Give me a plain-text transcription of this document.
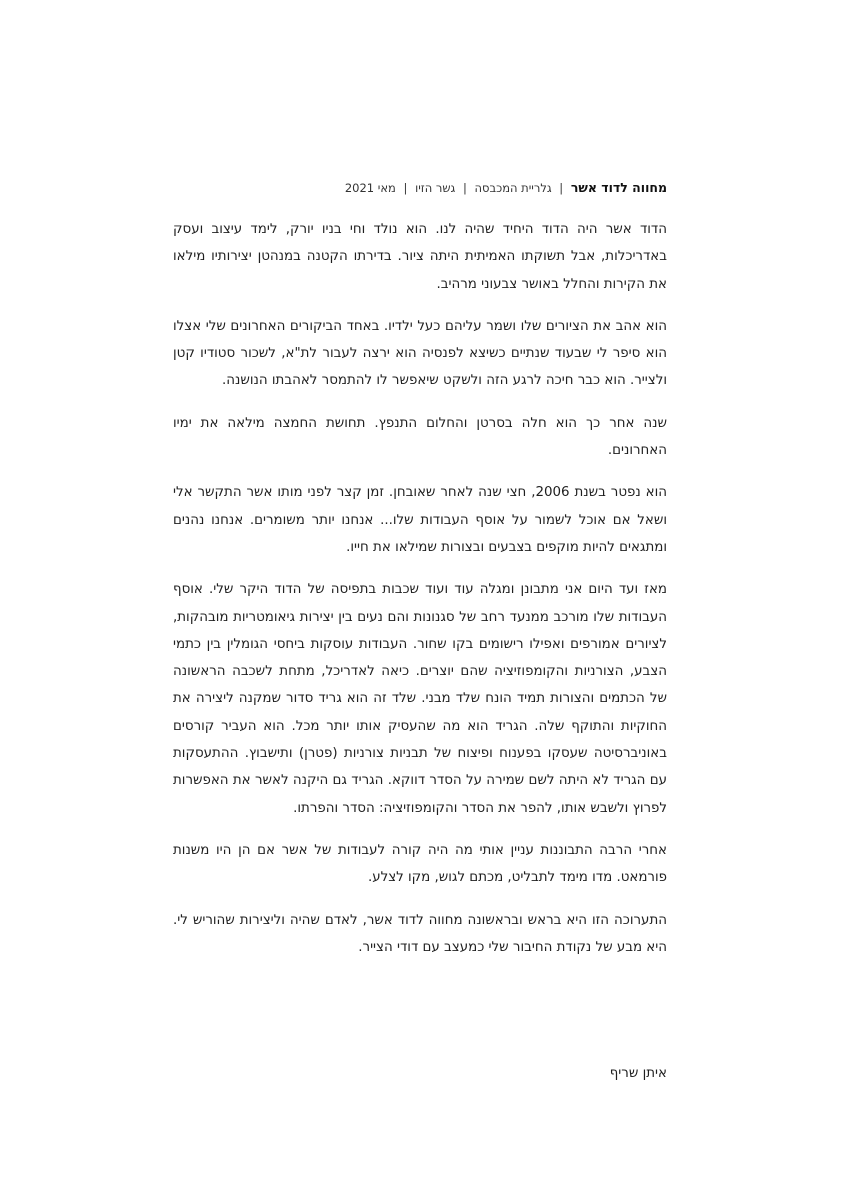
מחווה לדוד אשר | גלריית המכבסה | גשר הזיו | מאי 2021

הדוד אשר היה הדוד היחיד שהיה לנו. הוא נולד וחי בניו יורק, לימד עיצוב ועסק באדריכלות, אבל תשוקתו האמיתית היתה ציור. בדירתו הקטנה במנהטן יצירותיו מילאו את הקירות והחלל באושר צבעוני מרהיב.

הוא אהב את הציורים שלו ושמר עליהם כעל ילדיו. באחד הביקורים האחרונים שלי אצלו הוא סיפר לי שבעוד שנתיים כשיצא לפנסיה הוא ירצה לעבור לת"א, לשכור סטודיו קטן ולצייר. הוא כבר חיכה לרגע הזה ולשקט שיאפשר לו להתמסר לאהבתו הנושנה.

שנה אחר כך הוא חלה בסרטן והחלום התנפץ. תחושת החמצה מילאה את ימיו האחרונים.

הוא נפטר בשנת 2006, חצי שנה לאחר שאובחן. זמן קצר לפני מותו אשר התקשר אלי ושאל אם אוכל לשמור על אוסף העבודות שלו... אנחנו יותר משומרים. אנחנו נהנים ומתגאים להיות מוקפים בצבעים ובצורות שמילאו את חייו.

מאז ועד היום אני מתבונן ומגלה עוד ועוד שכבות בתפיסה של הדוד היקר שלי. אוסף העבודות שלו מורכב ממנעד רחב של סגנונות והם נעים בין יצירות גיאומטריות מובהקות, לציורים אמורפים ואפילו רישומים בקו שחור. העבודות עוסקות ביחסי הגומלין בין כתמי הצבע, הצורניות והקומפוזיציה שהם יוצרים. כיאה לאדריכל, מתחת לשכבה הראשונה של הכתמים והצורות תמיד הונח שלד מבני. שלד זה הוא גריד סדור שמקנה ליצירה את החוקיות והתוקף שלה. הגריד הוא מה שהעסיק אותו יותר מכל. הוא העביר קורסים באוניברסיטה שעסקו בפענוח ופיצוח של תבניות צורניות (פטרן) ותישבוץ. ההתעסקות עם הגריד לא היתה לשם שמירה על הסדר דווקא. הגריד גם היקנה לאשר את האפשרות לפרוץ ולשבש אותו, להפר את הסדר והקומפוזיציה: הסדר והפרתו.

אחרי הרבה התבוננות עניין אותי מה היה קורה לעבודות של אשר אם הן היו משנות פורמאט. מדו מימד לתבליט, מכתם לגוש, מקו לצלע.

התערוכה הזו היא בראש ובראשונה מחווה לדוד אשר, לאדם שהיה וליצירות שהוריש לי. היא מבע של נקודת החיבור שלי כמעצב עם דודי הצייר.

איתן שריף
